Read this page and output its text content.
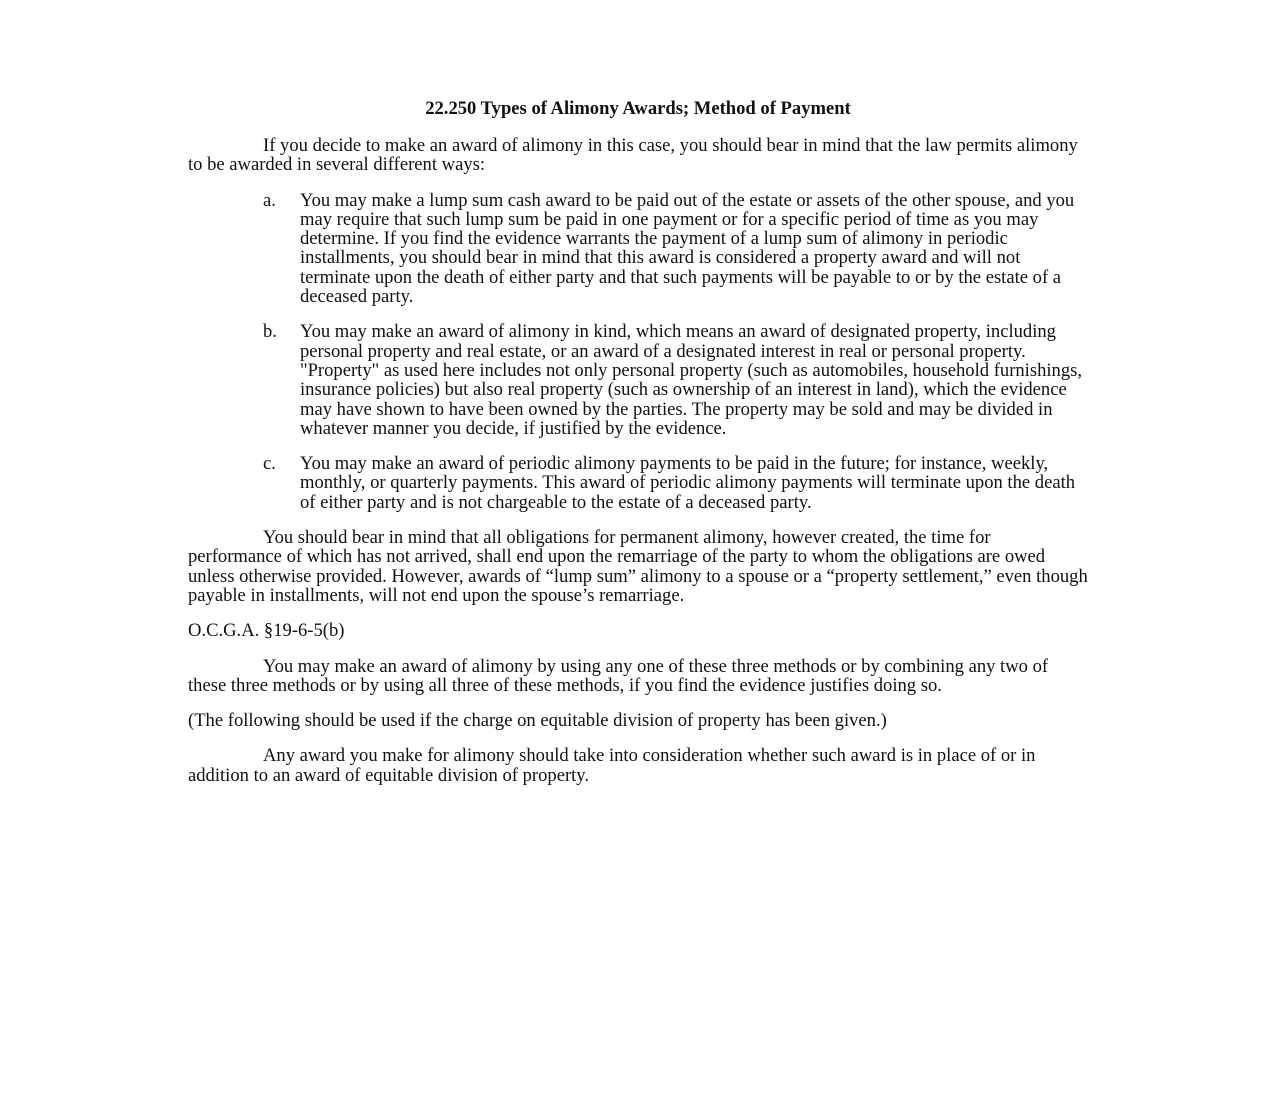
22.250 Types of Alimony Awards; Method of Payment
If you decide to make an award of alimony in this case, you should bear in mind that the law permits alimony to be awarded in several different ways:
a. You may make a lump sum cash award to be paid out of the estate or assets of the other spouse, and you may require that such lump sum be paid in one payment or for a specific period of time as you may determine. If you find the evidence warrants the payment of a lump sum of alimony in periodic installments, you should bear in mind that this award is considered a property award and will not terminate upon the death of either party and that such payments will be payable to or by the estate of a deceased party.
b. You may make an award of alimony in kind, which means an award of designated property, including personal property and real estate, or an award of a designated interest in real or personal property. "Property" as used here includes not only personal property (such as automobiles, household furnishings, insurance policies) but also real property (such as ownership of an interest in land), which the evidence may have shown to have been owned by the parties. The property may be sold and may be divided in whatever manner you decide, if justified by the evidence.
c. You may make an award of periodic alimony payments to be paid in the future; for instance, weekly, monthly, or quarterly payments. This award of periodic alimony payments will terminate upon the death of either party and is not chargeable to the estate of a deceased party.
You should bear in mind that all obligations for permanent alimony, however created, the time for performance of which has not arrived, shall end upon the remarriage of the party to whom the obligations are owed unless otherwise provided. However, awards of “lump sum” alimony to a spouse or a “property settlement,” even though payable in installments, will not end upon the spouse’s remarriage.
O.C.G.A. §19-6-5(b)
You may make an award of alimony by using any one of these three methods or by combining any two of these three methods or by using all three of these methods, if you find the evidence justifies doing so.
(The following should be used if the charge on equitable division of property has been given.)
Any award you make for alimony should take into consideration whether such award is in place of or in addition to an award of equitable division of property.
